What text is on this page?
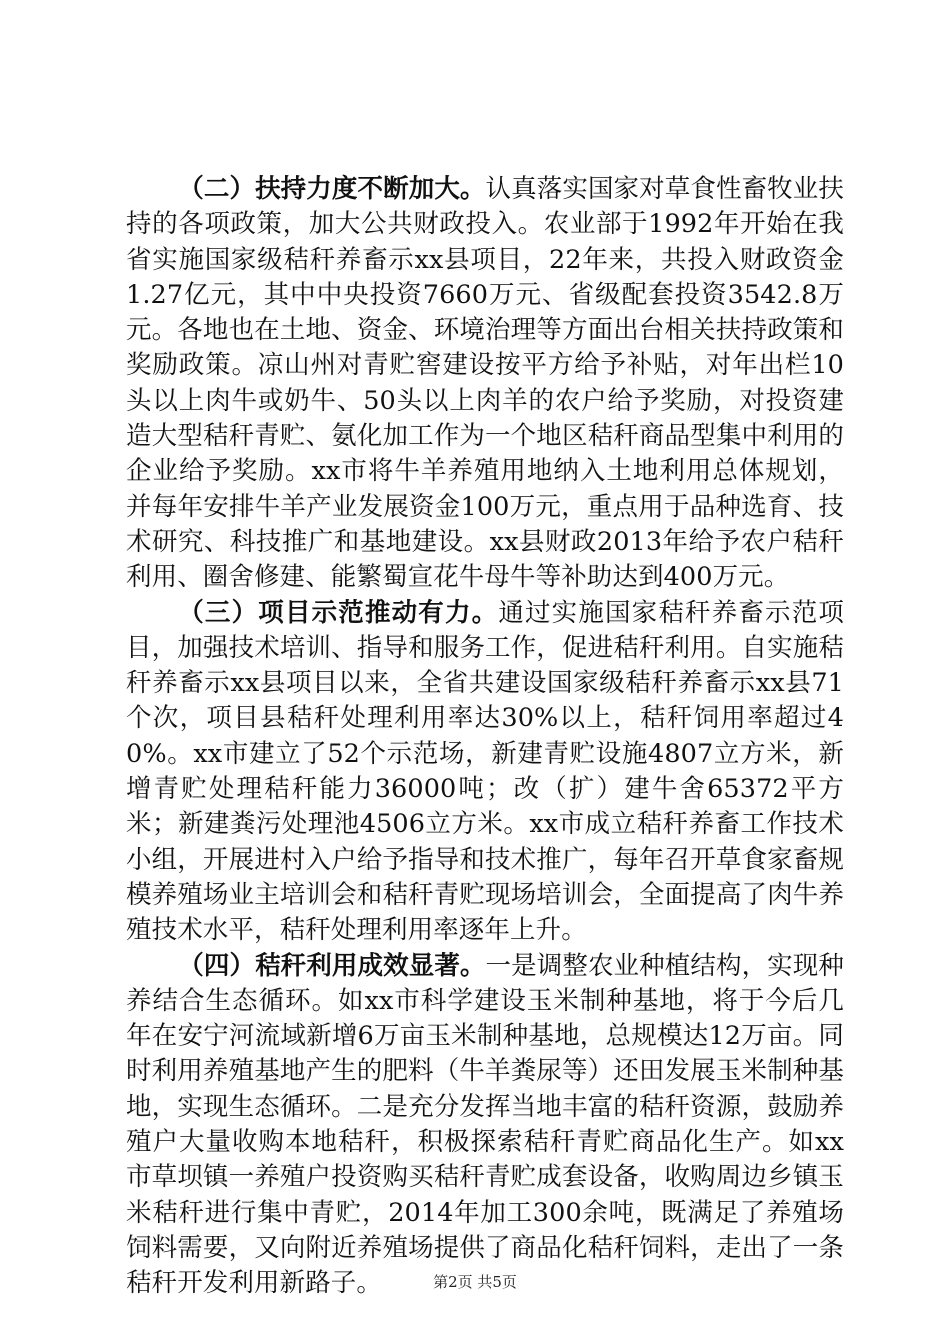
（二）扶持力度不断加大。认真落实国家对草食性畜牧业扶持的各项政策，加大公共财政投入。农业部于1992年开始在我省实施国家级秸秆养畜示xx县项目，22年来，共投入财政资金1.27亿元，其中中央投资7660万元、省级配套投资3542.8万元。各地也在土地、资金、环境治理等方面出台相关扶持政策和奖励政策。凉山州对青贮窖建设按平方给予补贴，对年出栏10头以上肉牛或奶牛、50头以上肉羊的农户给予奖励，对投资建造大型秸秆青贮、氨化加工作为一个地区秸秆商品型集中利用的企业给予奖励。xx市将牛羊养殖用地纳入土地利用总体规划，并每年安排牛羊产业发展资金100万元，重点用于品种选育、技术研究、科技推广和基地建设。xx县财政2013年给予农户秸秆利用、圈舍修建、能繁蜀宣花牛母牛等补助达到400万元。

（三）项目示范推动有力。通过实施国家秸秆养畜示范项目，加强技术培训、指导和服务工作，促进秸秆利用。自实施秸秆养畜示xx县项目以来，全省共建设国家级秸秆养畜示xx县71个次，项目县秸秆处理利用率达30%以上，秸秆饲用率超过40%。xx市建立了52个示范场，新建青贮设施4807立方米，新增青贮处理秸秆能力36000吨；改（扩）建牛舍65372平方米；新建粪污处理池4506立方米。xx市成立秸秆养畜工作技术小组，开展进村入户给予指导和技术推广，每年召开草食家畜规模养殖场业主培训会和秸秆青贮现场培训会，全面提高了肉牛养殖技术水平，秸秆处理利用率逐年上升。

（四）秸秆利用成效显著。一是调整农业种植结构，实现种养结合生态循环。如xx市科学建设玉米制种基地，将于今后几年在安宁河流域新增6万亩玉米制种基地，总规模达12万亩。同时利用养殖基地产生的肥料（牛羊粪尿等）还田发展玉米制种基地，实现生态循环。二是充分发挥当地丰富的秸秆资源，鼓励养殖户大量收购本地秸秆，积极探索秸秆青贮商品化生产。如xx市草坝镇一养殖户投资购买秸秆青贮成套设备，收购周边乡镇玉米秸秆进行集中青贮，2014年加工300余吨，既满足了养殖场饲料需要，又向附近养殖场提供了商品化秸秆饲料，走出了一条秸秆开发利用新路子。	第2页 共5页
